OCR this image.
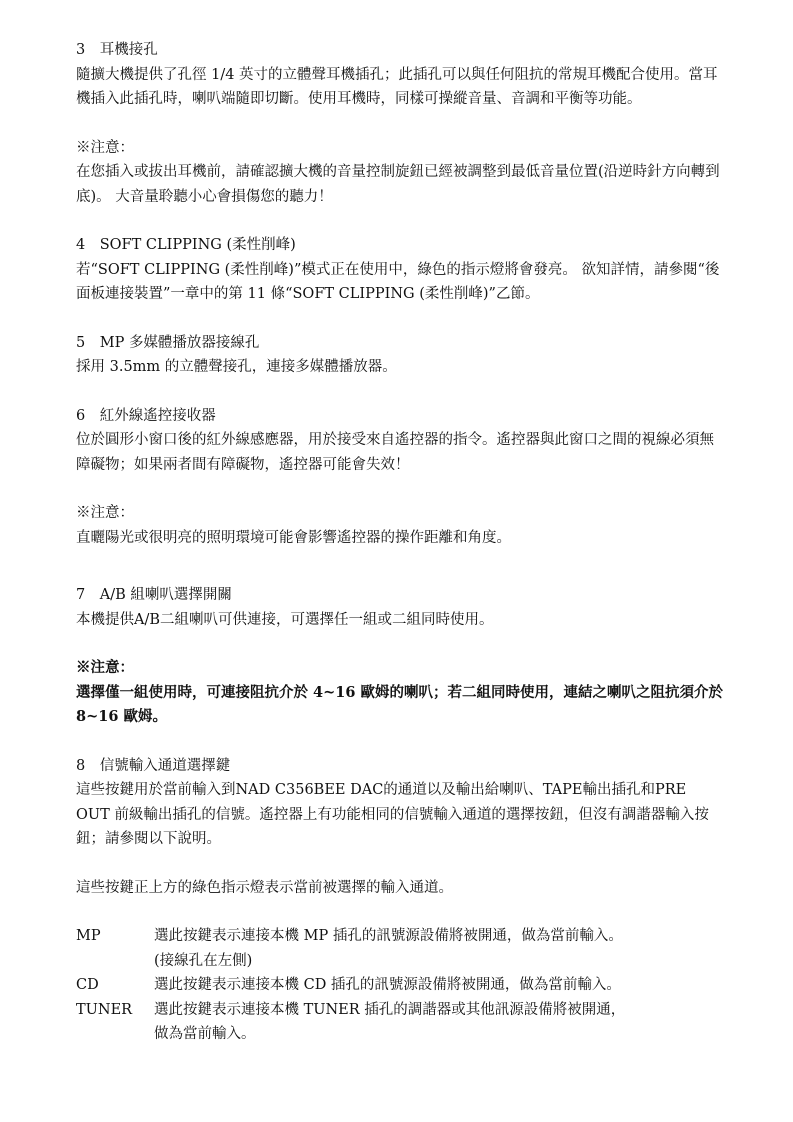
3　耳機接孔

隨擴大機提供了孔徑 1/4 英寸的立體聲耳機插孔；此插孔可以與任何阻抗的常規耳機配合使用。當耳機插入此插孔時，喇叭端隨即切斷。使用耳機時，同樣可操縱音量、音調和平衡等功能。

※注意：

在您插入或拔出耳機前，請確認擴大機的音量控制旋鈕已經被調整到最低音量位置(沿逆時針方向轉到底)。 大音量聆聽小心會損傷您的聽力！

4　SOFT CLIPPING (柔性削峰)

若“SOFT CLIPPING (柔性削峰)”模式正在使用中，綠色的指示燈將會發亮。 欲知詳情，請參閱“後面板連接裝置”一章中的第 11 條“SOFT CLIPPING (柔性削峰)”乙節。

5　MP 多媒體播放器接線孔

採用 3.5mm 的立體聲接孔，連接多媒體播放器。

6　紅外線遙控接收器

位於圓形小窗口後的紅外線感應器，用於接受來自遙控器的指令。遙控器與此窗口之間的視線必須無障礙物；如果兩者間有障礙物，遙控器可能會失效！

※注意：

直曬陽光或很明亮的照明環境可能會影響遙控器的操作距離和角度。

7　A/B 組喇叭選擇開關

本機提供A/B二組喇叭可供連接，可選擇任一組或二組同時使用。

※注意：

選擇僅一組使用時，可連接阻抗介於 4~16 歐姆的喇叭；若二組同時使用，連結之喇叭之阻抗須介於 8~16 歐姆。

8　信號輸入通道選擇鍵

這些按鍵用於當前輸入到NAD C356BEE DAC的通道以及輸出給喇叭、TAPE輸出插孔和PRE OUT 前級輸出插孔的信號。遙控器上有功能相同的信號輸入通道的選擇按鈕，但沒有調諧器輸入按鈕；請參閱以下說明。

這些按鍵正上方的綠色指示燈表示當前被選擇的輸入通道。

MP	選此按鍵表示連接本機 MP 插孔的訊號源設備將被開通，做為當前輸入。
(接線孔在左側)
CD	選此按鍵表示連接本機 CD 插孔的訊號源設備將被開通，做為當前輸入。
TUNER	選此按鍵表示連接本機 TUNER 插孔的調諧器或其他訊源設備將被開通，
做為當前輸入。
